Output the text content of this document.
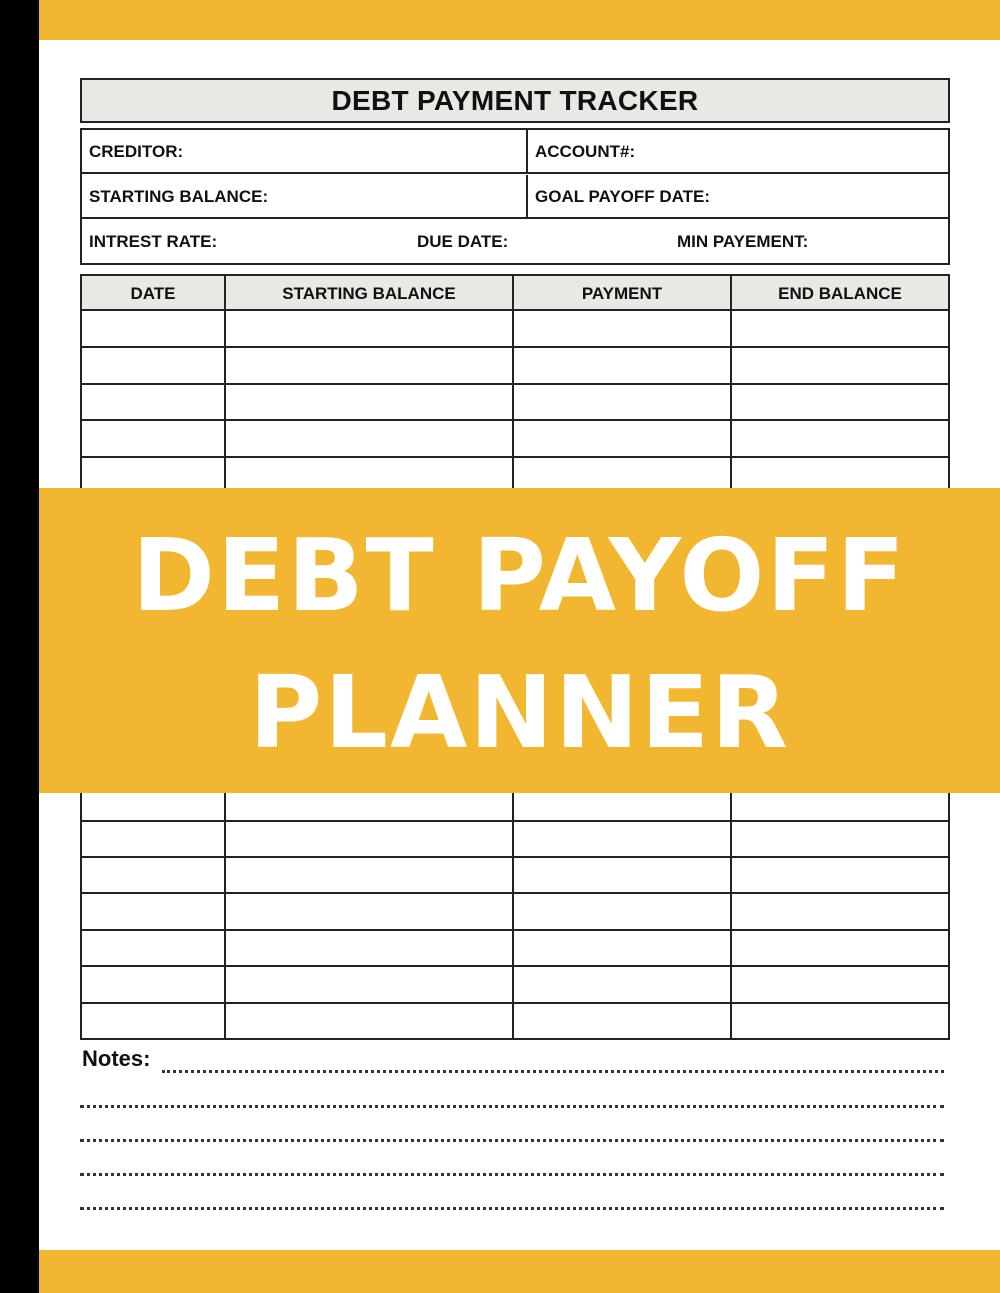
DEBT PAYMENT TRACKER
CREDITOR:	ACCOUNT#:
STARTING BALANCE:	GOAL PAYOFF DATE:
INTREST RATE:	DUE DATE:	MIN PAYEMENT:
DATE	STARTING BALANCE	PAYMENT	END BALANCE
DEBT PAYOFF
PLANNER
Notes:
